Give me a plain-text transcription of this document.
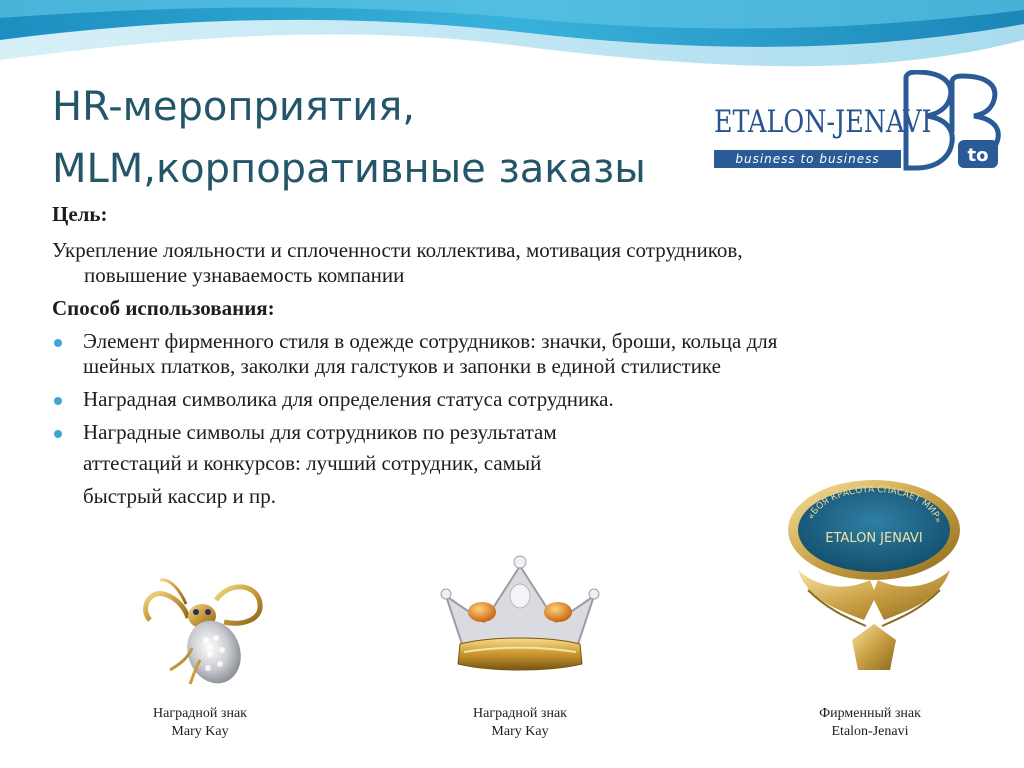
HR-мероприятия,
MLM,корпоративные заказы
ETALON-JENAVI
business to business	to

Цель:

Укрепление лояльности и сплоченности коллектива, мотивация сотрудников, повышение узнаваемость компании

Способ использования:

Элемент фирменного стиля в одежде сотрудников: значки, броши, кольца для шейных платков, заколки для галстуков и запонки в единой стилистике
Наградная символика для определения статуса сотрудника.
Наградные символы для сотрудников по результатам

аттестаций и конкурсов: лучший сотрудник, самый

быстрый кассир и пр.

«БОЯ КРАСОТА СПАСАЕТ МИР»
ETALON JENAVI
Наградной знак
Mary Kay
Наградной знак
Mary Kay
Фирменный знак
Etalon-Jenavi
